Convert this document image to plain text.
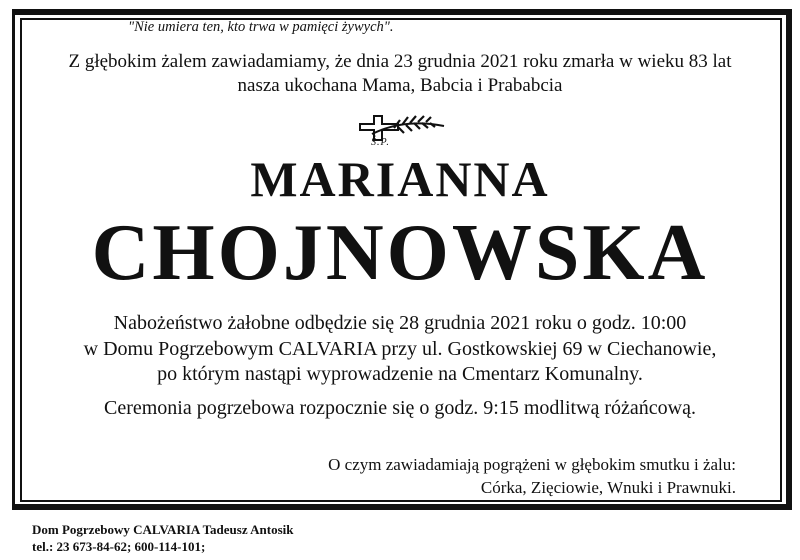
"Nie umiera ten, kto trwa w pamięci żywych".
Z głębokim żalem zawiadamiamy, że dnia 23 grudnia 2021 roku zmarła w wieku 83 lat
nasza ukochana Mama, Babcia i Prababcia
Ś.P.
MARIANNA
CHOJNOWSKA
Nabożeństwo żałobne odbędzie się 28 grudnia 2021 roku o godz. 10:00
w Domu Pogrzebowym CALVARIA przy ul. Gostkowskiej 69 w Ciechanowie,
po którym nastąpi wyprowadzenie na Cmentarz Komunalny.
Ceremonia pogrzebowa rozpocznie się o godz. 9:15 modlitwą różańcową.
O czym zawiadamiają pogrążeni w głębokim smutku i żalu:
Córka, Zięciowie, Wnuki i Prawnuki.
Dom Pogrzebowy CALVARIA Tadeusz Antosik
tel.: 23 673-84-62; 600-114-101;
